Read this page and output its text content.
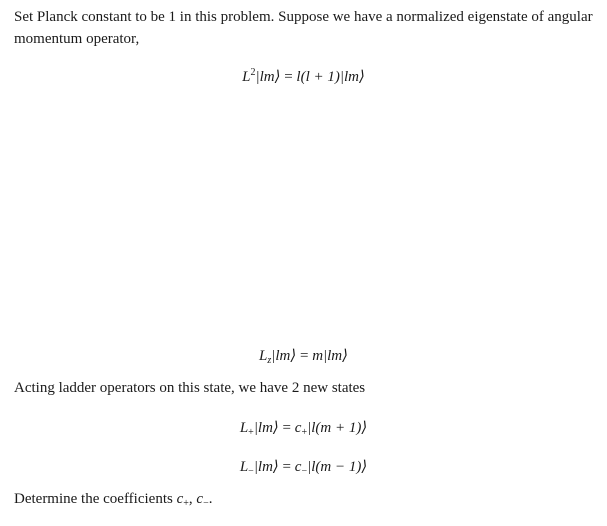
Set Planck constant to be 1 in this problem. Suppose we have a normalized eigenstate of angular momentum operator,

$L^2|lm⟩ = l(l$ + 1)|lm⟩
$L_z|lm⟩$ = m|lm⟩

Acting ladder operators on this state, we have 2 new states

$L_+|lm⟩ = c_+|l(m$ + 1)⟩
$L_-|lm⟩ = c_-|l(m$ − 1)⟩

Determine the coefficients $c_+$, $c_-$.
